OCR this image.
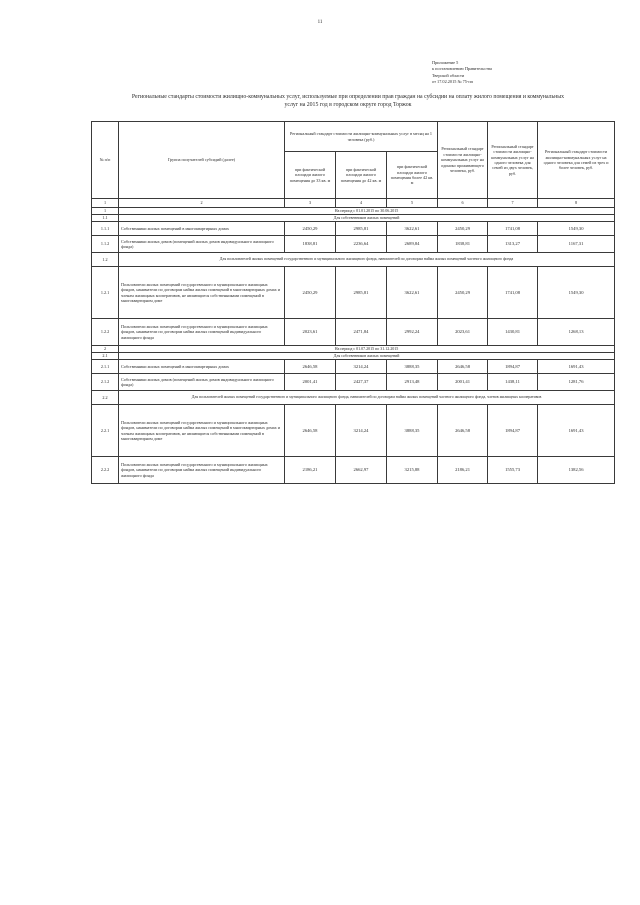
11
Приложение 5
к постановлению Правительства
Тверской области
от 17.02.2015 № 75-пп
Региональные стандарты стоимости жилищно-коммунальных услуг, используемые при определении прав граждан на субсидии на оплату жилого помещения и коммунальных
услуг на 2015 год в городском округе город Торжок
№ п/п	Группа получателей субсидий (далее)	Региональный стандарт стоимости жилищно-коммунальных услуг в месяц на 1 человека (руб.)			Региональный стандарт стоимости жилищно-коммунальных услуг на одиноко проживающего человека, руб.	Региональный стандарт стоимости жилищно-коммунальных услуг на одного человека для семей из двух человек, руб.	Региональный стандарт стоимости жилищно-коммунальных услуг на одного человека для семей из трех и более человек, руб.
		при фактической площади жилого помещения до 33 кв. м	при фактической площади жилого помещения до 42 кв. м	при фактической площади жилого помещения более 42 кв. м			
1	2	3	4	5	6	7	8
1	На период с 01.01.2015 по 30.06.2015						
1.1	Для собственников жилых помещений						
1.1.1	Собственники жилых помещений в многоквартирных домах	2450,29	2985,81	3622,61	2450,29	1741,08	1549,30
1.1.2	Собственники жилых домов (помещений жилых домов индивидуального жилищного фонда)	1838,81	2236,64	2689,84	1838,81	1313,27	1167,31
1.2	Для пользователей жилых помещений государственного и муниципального жилищного фонда, нанимателей по договорам найма жилых помещений частного жилищного фонда						
1.2.1	Пользователи жилых помещений государственного и муниципального жилищных фондов, наниматели по договорам найма жилых помещений в многоквартирных домах и членам жилищных кооперативов, не являющиеся собственниками помещений в многоквартирном доме	2450,29	2985,81	3622,61	2450,29	1741,08	1549,30
1.2.2	Пользователи жилых помещений государственного и муниципального жилищных фондов, наниматели по договорам найма жилых помещений индивидуального жилищного фонда	2023,61	2471,84	2992,24	2023,61	1430,81	1268,13
2	На период с 01.07.2015 по 31.12.2015						
2.1	Для собственников жилых помещений						
2.1.1	Собственники жилых помещений в многоквартирных домах	2646,58	3214,24	3888,35	2646,58	1894,87	1691,43
2.1.2	Собственники жилых домов (помещений жилых домов индивидуального жилищного фонда)	2001,41	2427,37	2913,48	2001,41	1438,11	1281,76
2.2	Для пользователей жилых помещений государственного и муниципального жилищного фонда, нанимателей по договорам найма жилых помещений частного жилищного фонда, членов жилищных кооперативов						
2.2.1	Пользователи жилых помещений государственного и муниципального жилищных фондов, наниматели по договорам найма жилых помещений в многоквартирных домах и членам жилищных кооперативов, не являющиеся собственниками помещений в многоквартирном доме	2646,58	3214,24	3888,35	2646,58	1894,87	1691,43
2.2.2	Пользователи жилых помещений государственного и муниципального жилищных фондов, наниматели по договорам найма жилых помещений индивидуального жилищного фонда	2186,21	2662,97	3215,88	2186,21	1555,73	1382,56
